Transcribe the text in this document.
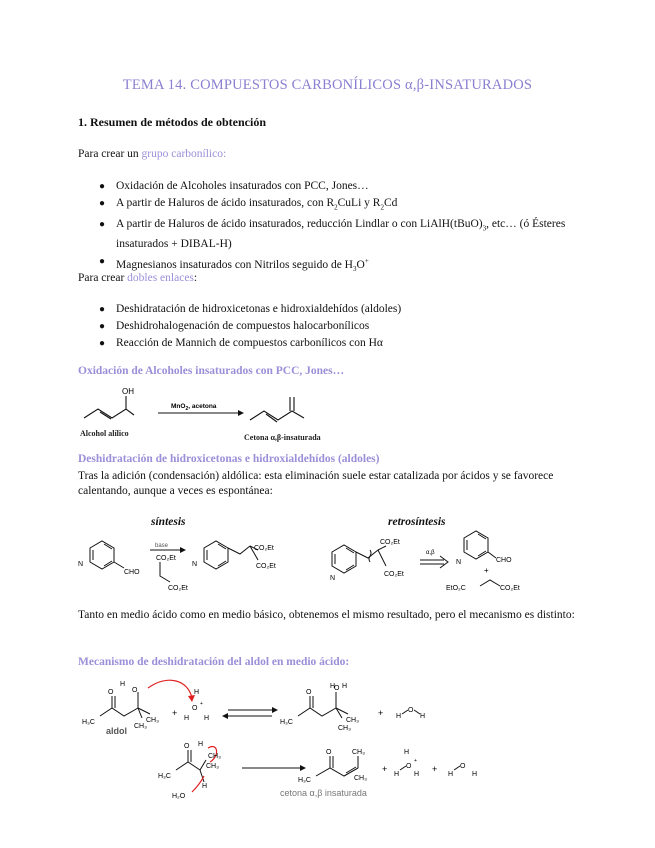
TEMA 14. COMPUESTOS CARBONÍLICOS α,β-INSATURADOS
1. Resumen de métodos de obtención
Para crear un grupo carbonílico:
● Oxidación de Alcoholes insaturados con PCC, Jones…
● A partir de Haluros de ácido insaturados, con $R_2CuLi$ y $R_2Cd$
● A partir de Haluros de ácido insaturados, reducción Lindlar o con $LiAlH(tBuO)_3$, etc… (ó Ésteres insaturados + DIBAL-H)
● Magnesianos insaturados con Nitrilos seguido de $H_3O^+$
Para crear dobles enlaces:
● Deshidratación de hidroxicetonas e hidroxialdehídos (aldoles)
● Deshidrohalogenación de compuestos halocarbonílicos
● Reacción de Mannich de compuestos carbonílicos con Hα
Oxidación de Alcoholes insaturados con PCC, Jones…
OH
MnO$_2$, acetona
Alcohol alílico	Cetona α,β-insaturada
Deshidratación de hidroxicetonas e hidroxialdehídos (aldoles)
Tras la adición (condensación) aldólica: esta eliminación suele estar catalizada por ácidos y se favorece calentando, aunque a veces es espontánea:
síntesis	retrosíntesis
N
CHO
base
CO₂Et
CO₂Et
N
CO₂Et
CO₂Et
N
CO₂Et
CO₂Et
α,β
N	CHO
+
EtO₂C	CO₂Et
Tanto en medio ácido como en medio básico, obtenemos el mismo resultado, pero el mecanismo es distinto:
Mecanismo de deshidratación del aldol en medio ácido:
H
O
H₃C
O
CH₃
CH₃
aldol
+
H
O
+
H H
H H
O
H₃C
O
CH₃
CH₃
+ H
O
H
H₃C
O H
CH₃
CH₃
H
H₂O
H₃C
O	CH₃
CH₃
cetona α,β insaturada
+
H
O
+
H H
+
H
O
H
